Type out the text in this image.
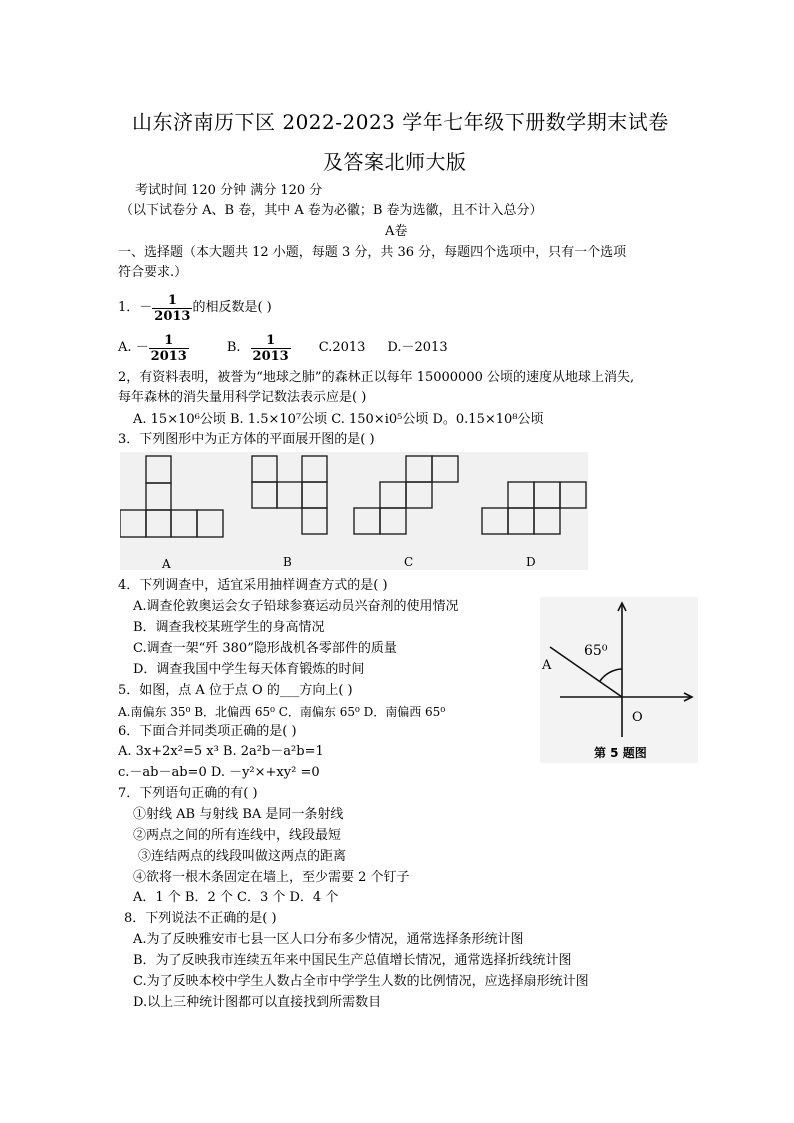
山东济南历下区 2022-2023 学年七年级下册数学期末试卷
及答案北师大版
考试时间 120 分钟 满分 120 分
（以下试卷分 A、B 卷，其中 A 卷为必徽；B 卷为选徽，且不计入总分）
A卷
一、选择题（本大题共 12 小题，每题 3 分，共 36 分，每题四个选项中，只有一个选项
符合要求.）
1．－ $\frac{1}{2013}$ 的相反数是( )
A. － $\frac{1}{2013}$	B. $\frac{1}{2013} C.2013$ D.－2013
2，有资料表明，被誉为“地球之肺”的森林正以每年 15000000 公顷的速度从地球上消失,
每年森林的消失量用科学记数法表示应是( )
A. 15×10⁶公顷 B. 1.5×10⁷公顷 C. 150×i0⁵公顷 D。0.15×10⁸公顷
3．下列图形中为正方体的平面展开图的是( )
A	B	C	D
4．下列调查中，适宜采用抽样调查方式的是( )
A.调查伦敦奥运会女子铅球参赛运动员兴奋剂的使用情况
B．调查我校某班学生的身高情况
C.调查一架“歼 380”隐形战机各零部件的质量
D．调查我国中学生每天体育锻炼的时间
65⁰
A
O
第 5 题图
5．如图，点 A 位于点 O 的___方向上( )
A.南偏东 35⁰ B．北偏西 65⁰ C．南偏东 65⁰ D．南偏西 65⁰
6．下面合并同类项正确的是( )
A. 3x+2x²=5 x³ B. 2a²b－a²b=1
c.－ab－ab=0 D. －y²×+xy² =0
7．下列语句正确的有( )
①射线 AB 与射线 BA 是同一条射线
②两点之间的所有连线中，线段最短
③连结两点的线段叫做这两点的距离
④欲将一根木条固定在墙上，至少需要 2 个钉子
A．1 个 B．2 个 C．3 个 D．4 个
8．下列说法不正确的是( )
A.为了反映雅安市七县一区人口分布多少情况，通常选择条形统计图
B．为了反映我市连续五年来中国民生产总值增长情况，通常选择折线统计图
C.为了反映本校中学生人数占全市中学学生人数的比例情况，应选择扇形统计图
D.以上三种统计图都可以直接找到所需数目
